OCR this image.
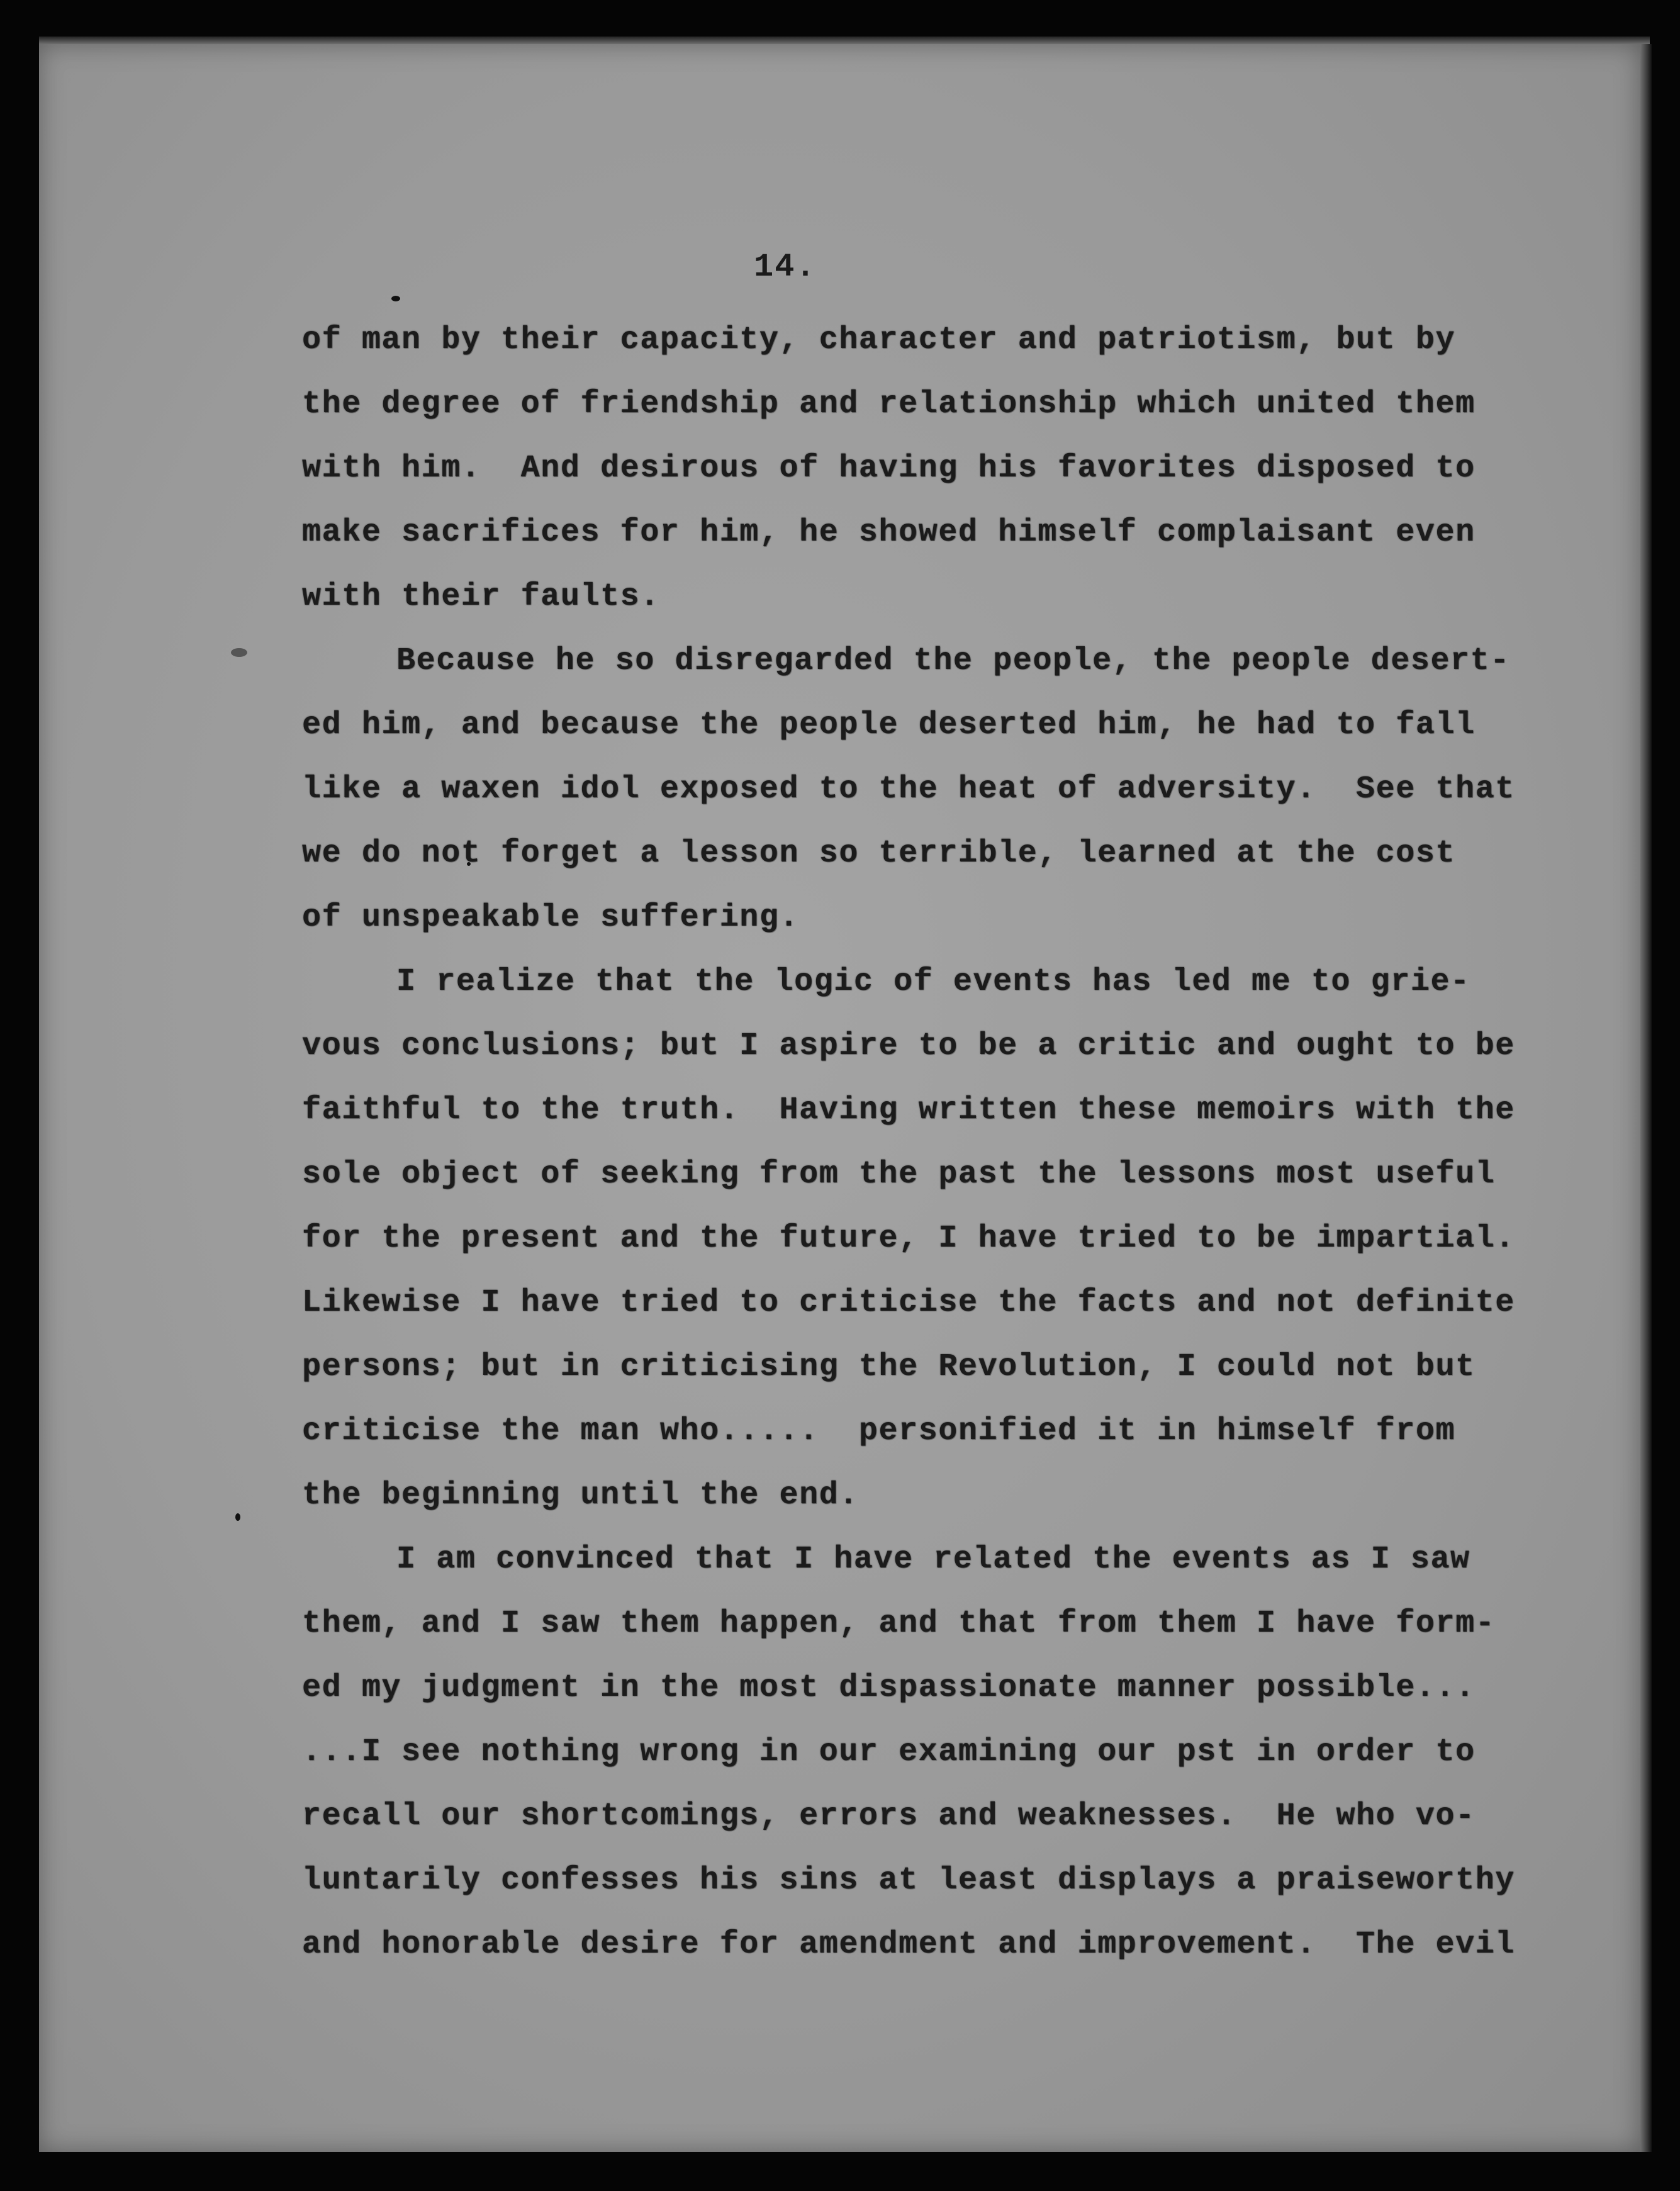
14.
of man by their capacity, character and patriotism, but by
the degree of friendship and relationship which united them
with him.  And desirous of having his favorites disposed to
make sacrifices for him, he showed himself complaisant even
with their faults.
Because he so disregarded the people, the people desert-
ed him, and because the people deserted him, he had to fall
like a waxen idol exposed to the heat of adversity.  See that
we do not forget a lesson so terrible, learned at the cost
of unspeakable suffering.
I realize that the logic of events has led me to grie-
vous conclusions; but I aspire to be a critic and ought to be
faithful to the truth.  Having written these memoirs with the
sole object of seeking from the past the lessons most useful
for the present and the future, I have tried to be impartial.
Likewise I have tried to criticise the facts and not definite
persons; but in criticising the Revolution, I could not but
criticise the man who.....  personified it in himself from
the beginning until the end.
I am convinced that I have related the events as I saw
them, and I saw them happen, and that from them I have form-
ed my judgment in the most dispassionate manner possible...
...I see nothing wrong in our examining our pst in order to
recall our shortcomings, errors and weaknesses.  He who vo-
luntarily confesses his sins at least displays a praiseworthy
and honorable desire for amendment and improvement.  The evil
